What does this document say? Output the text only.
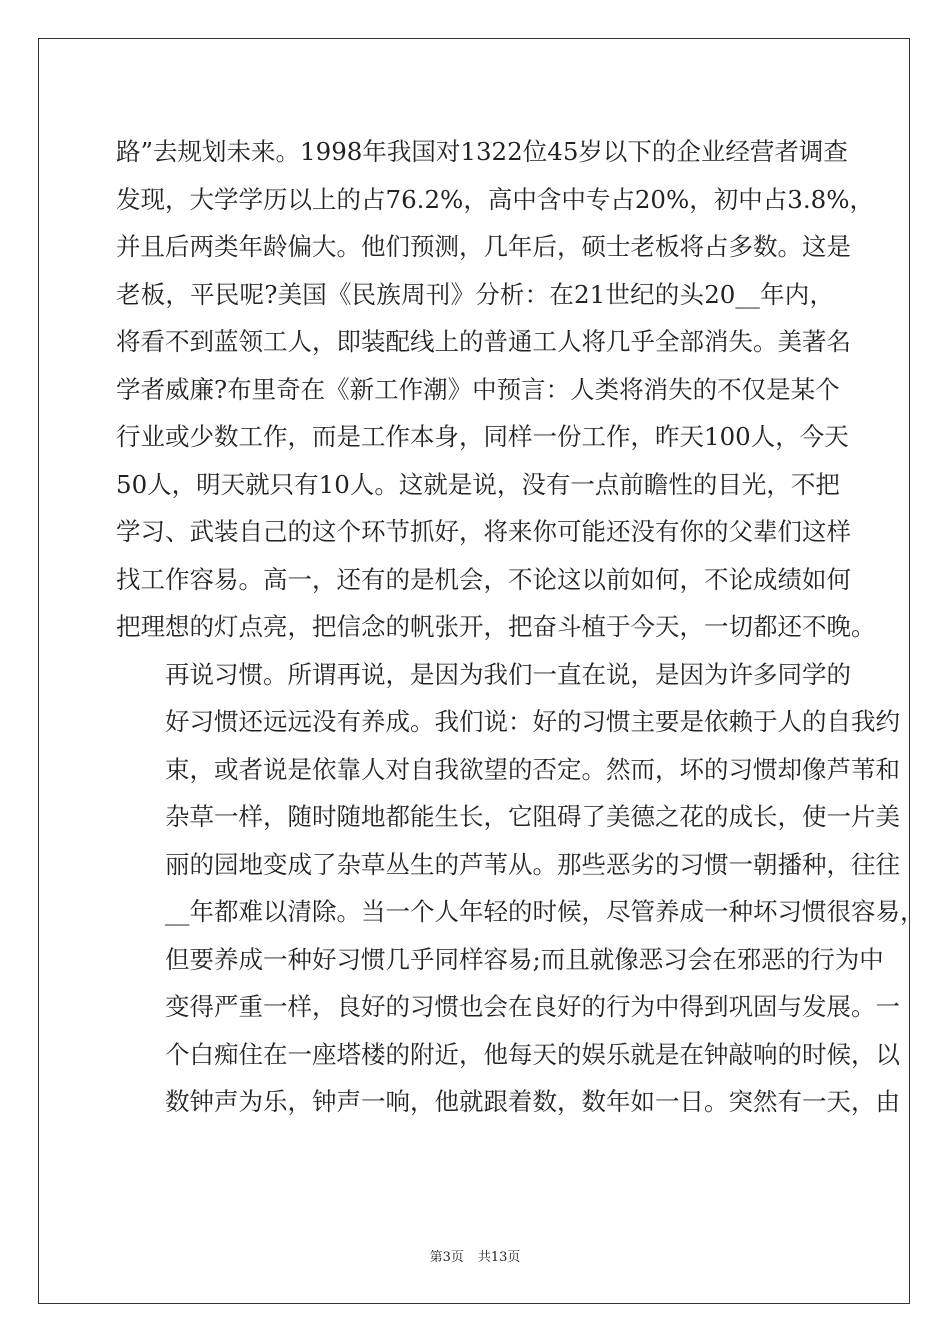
路”去规划未来。1998年我国对1322位45岁以下的企业经营者调查
发现，大学学历以上的占76.2%，高中含中专占20%，初中占3.8%，
并且后两类年龄偏大。他们预测，几年后，硕士老板将占多数。这是
老板，平民呢?美国《民族周刊》分析：在21世纪的头20__年内，
将看不到蓝领工人，即装配线上的普通工人将几乎全部消失。美著名
学者威廉?布里奇在《新工作潮》中预言：人类将消失的不仅是某个
行业或少数工作，而是工作本身，同样一份工作，昨天100人，今天
50人，明天就只有10人。这就是说，没有一点前瞻性的目光，不把
学习、武装自己的这个环节抓好，将来你可能还没有你的父辈们这样
找工作容易。高一，还有的是机会，不论这以前如何，不论成绩如何
把理想的灯点亮，把信念的帆张开，把奋斗植于今天，一切都还不晚。

再说习惯。所谓再说，是因为我们一直在说，是因为许多同学的
好习惯还远远没有养成。我们说：好的习惯主要是依赖于人的自我约
束，或者说是依靠人对自我欲望的否定。然而，坏的习惯却像芦苇和
杂草一样，随时随地都能生长，它阻碍了美德之花的成长，使一片美
丽的园地变成了杂草丛生的芦苇从。那些恶劣的习惯一朝播种，往往
__年都难以清除。当一个人年轻的时候，尽管养成一种坏习惯很容易，
但要养成一种好习惯几乎同样容易;而且就像恶习会在邪恶的行为中
变得严重一样，良好的习惯也会在良好的行为中得到巩固与发展。一
个白痴住在一座塔楼的附近，他每天的娱乐就是在钟敲响的时候，以
数钟声为乐，钟声一响，他就跟着数，数年如一日。突然有一天，由

第3页 共13页
